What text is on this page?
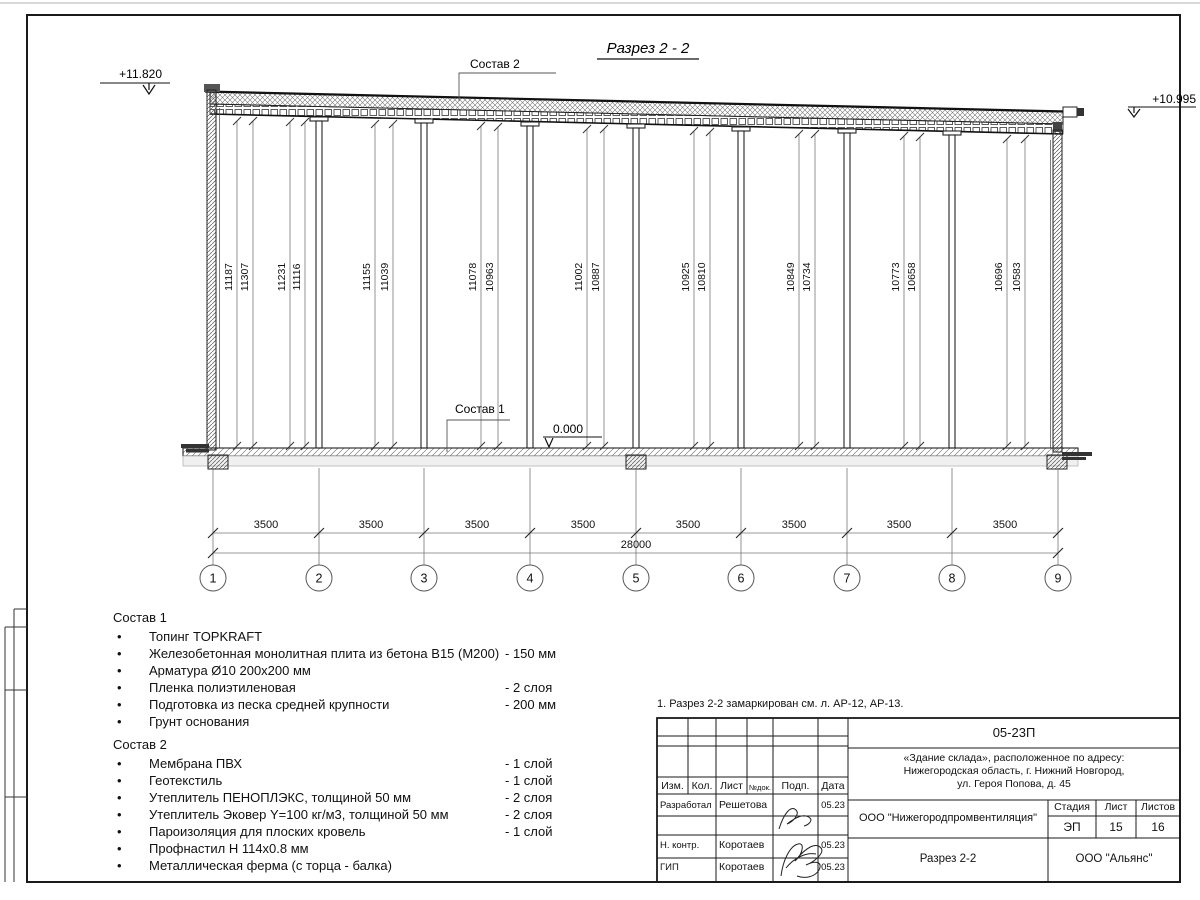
Разрез 2 - 2
11187 11307 11231 11116	11155 11039	11078 10963	11002 10887	10925 10810	10849 10734	10773 10658	10696 10583
+11.820
+10.995
0.000
Состав 2
Состав 1
3500	3500	3500	3500	3500	3500	3500	3500
28000
1	2	3	4	5	6	7	8	9
Состав 1
• Топинг TOPKRAFT
• Железобетонная монолитная плита из бетона В15 (М200) - 150 мм
• Арматура Ø10 200x200 мм
• Пленка полиэтиленовая	- 2 слоя
• Подготовка из песка средней крупности	- 200 мм
• Грунт основания
Состав 2
• Мембрана ПВХ	- 1 слой
• Геотекстиль	- 1 слой
• Утеплитель ПЕНОПЛЭКС, толщиной 50 мм	- 2 слоя
• Утеплитель Эковер Y=100 кг/м3, толщиной 50 мм	- 2 слоя
• Пароизоляция для плоских кровель	- 1 слой
• Профнастил Н 114x0.8 мм
• Металлическая ферма (с торца - балка)
1. Разрез 2-2 замаркирован см. л. АР-12, АР-13.
05-23П
«Здание склада», расположенное по адресу:
Нижегородская область, г. Нижний Новгород,
ул. Героя Попова, д. 45
Изм. Кол. Лист №док.	Подп.	Дата
Разработал Решетова	05.23
Н. контр. Коротаев	05.23
ГИП	Коротаев	05.23
ООО "Нижегородпромвентиляция"
Разрез 2-2
Стадия	Лист	Листов
ЭП	15	16
ООО "Альянс"
